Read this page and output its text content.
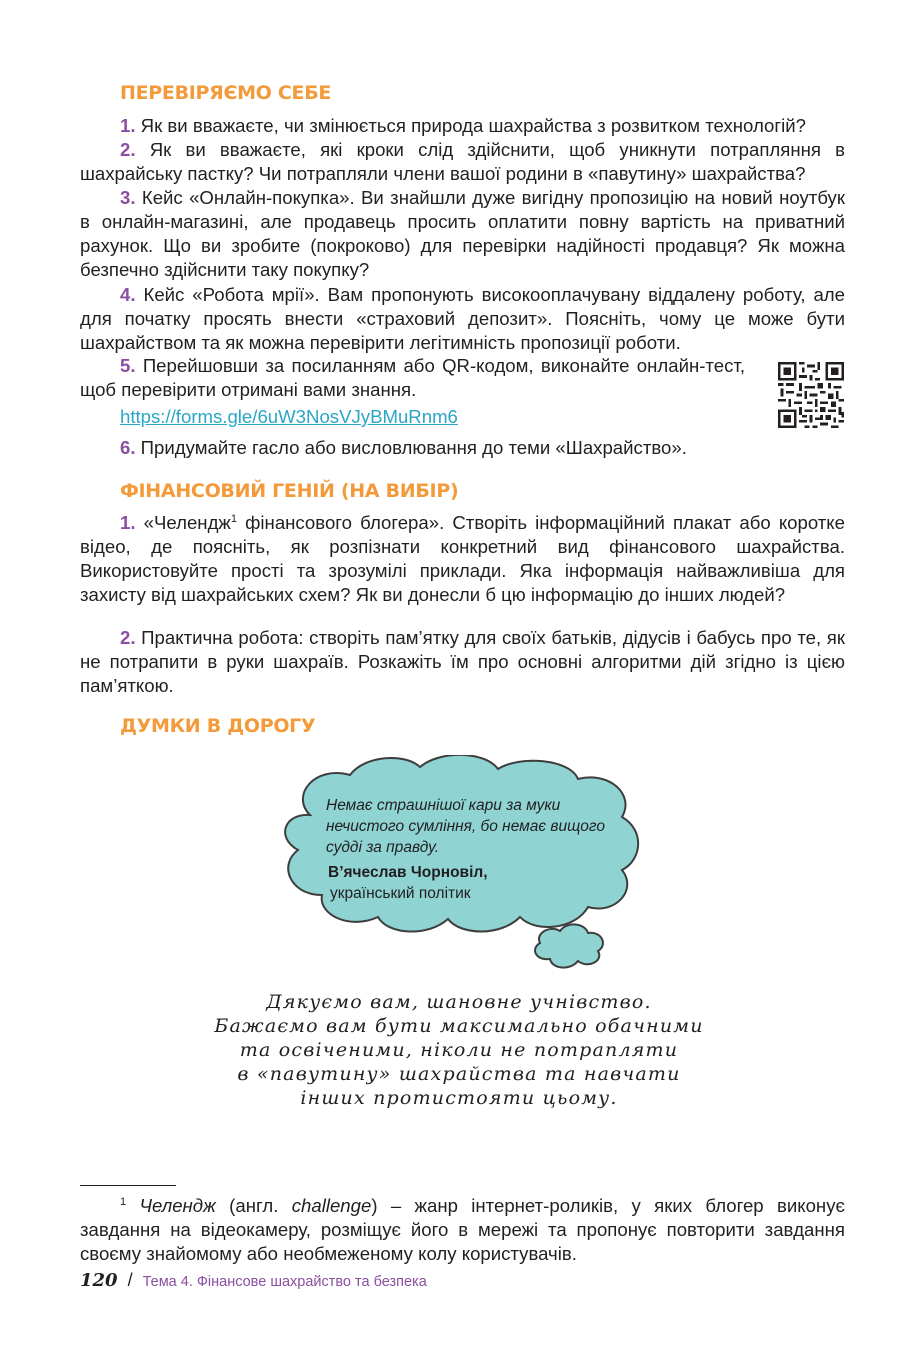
ПЕРЕВІРЯЄМО СЕБЕ

1. Як ви вважаєте, чи змінюється природа шахрайства з розвитком технологій?

2. Як ви вважаєте, які кроки слід здійснити, щоб уникнути потрапляння в шахрайську пастку? Чи потрапляли члени вашої родини в «павутину» шахрайства?

3. Кейс «Онлайн-покупка». Ви знайшли дуже вигідну пропозицію на новий ноутбук в онлайн-магазині, але продавець просить оплатити повну вартість на приватний рахунок. Що ви зробите (покроково) для перевірки надійності продавця? Як можна безпечно здійснити таку покупку?

4. Кейс «Робота мрії». Вам пропонують високооплачувану віддалену роботу, але для початку просять внести «страховий депозит». Поясніть, чому це може бути шахрайством та як можна перевірити легітимність пропозиції роботи.

5. Перейшовши за посиланням або QR-кодом, виконайте онлайн-тест, щоб перевірити отримані вами знання.

https://forms.gle/6uW3NosVJyBMuRnm6

6. Придумайте гасло або висловлювання до теми «Шахрайство».

1. «Челендж$^1$ фінансового блогера». Створіть інформаційний плакат або коротке відео, де поясніть, як розпізнати конкретний вид фінансового шахрайства. Використовуйте прості та зрозумілі приклади. Яка інформація найважливіша для захисту від шахрайських схем? Як ви донесли б цю інформацію до інших людей?

2. Практична робота: створіть пам’ятку для своїх батьків, дідусів і бабусь про те, як не потрапити в руки шахраїв. Розкажіть їм про основні алгоритми дій згідно із цією пам’яткою.

ФІНАНСОВИЙ ГЕНІЙ (НА ВИБІР)
ДУМКИ В ДОРОГУ
Немає страшнішої кари за муки нечистого сумління, бо немає вищого судді за правду.
В’ячеслав Чорновіл,
український політик
Дякуємо вам, шановне учнівство.
Бажаємо вам бути максимально обачними
та освіченими, ніколи не потрапляти
в «павутину» шахрайства та навчати
інших протистояти цьому.

$^1$ Челендж (англ. challenge) – жанр інтернет-роликів, у яких блогер виконує завдання на відеокамеру, розміщує його в мережі та пропонує повторити завдання своєму знайомому або необмеженому колу користувачів.

120 / Тема 4. Фінансове шахрайство та безпека
